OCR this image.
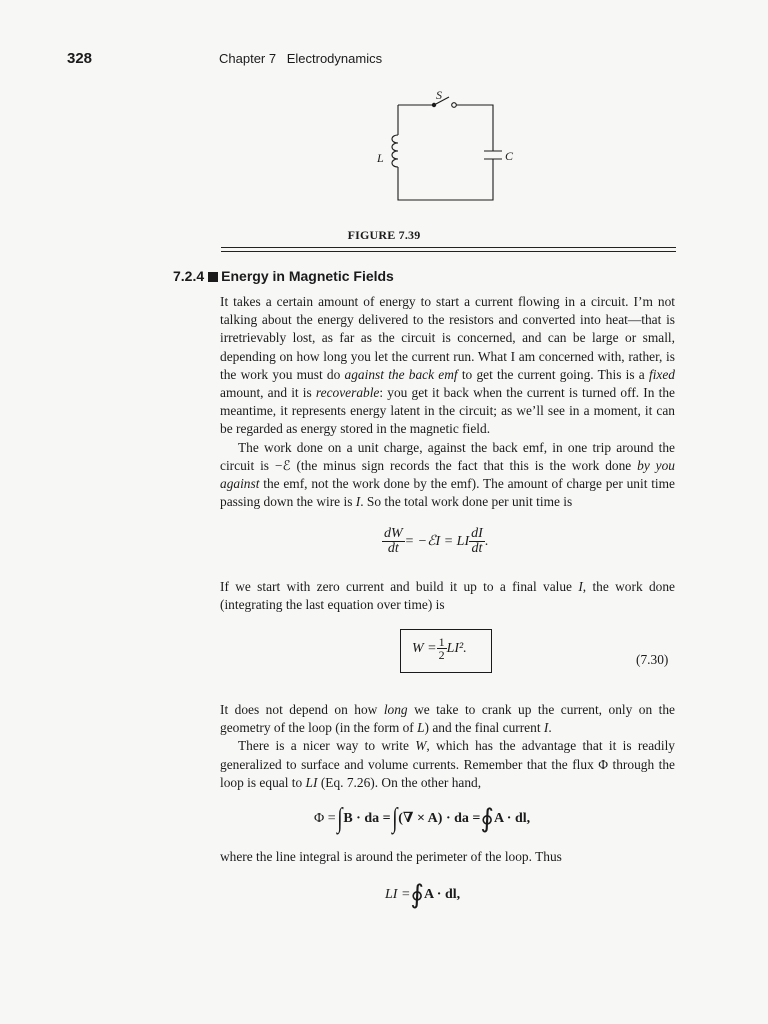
328	Chapter 7 Electrodynamics
S
L	C
FIGURE 7.39
7.2.4 Energy in Magnetic Fields

It takes a certain amount of energy to start a current flowing in a circuit. I’m not talking about the energy delivered to the resistors and converted into heat—that is irretrievably lost, as far as the circuit is concerned, and can be large or small, depending on how long you let the current run. What I am concerned with, rather, is the work you must do against the back emf to get the current going. This is a fixed amount, and it is recoverable: you get it back when the current is turned off. In the meantime, it represents energy latent in the circuit; as we’ll see in a moment, it can be regarded as energy stored in the magnetic field.

The work done on a unit charge, against the back emf, in one trip around the circuit is −ℰ (the minus sign records the fact that this is the work done by you against the emf, not the work done by the emf). The amount of charge per unit time passing down the wire is I. So the total work done per unit time is

$\frac{dW}{dt}$ = −ℰI = LI $\frac{dI}{dt}$ .

If we start with zero current and build it up to a final value I, the work done (integrating the last equation over time) is

$W = \frac{1}{2} LI^2$.
(7.30)

It does not depend on how long we take to crank up the current, only on the geometry of the loop (in the form of L) and the final current I.

There is a nicer way to write W, which has the advantage that it is readily generalized to surface and volume currents. Remember that the flux Φ through the loop is equal to LI (Eq. 7.26). On the other hand,

Φ =∫B · da =∫(∇ × A) · da =∮A · dl,
where the line integral is around the perimeter of the loop. Thus
LI =∮A · dl,
